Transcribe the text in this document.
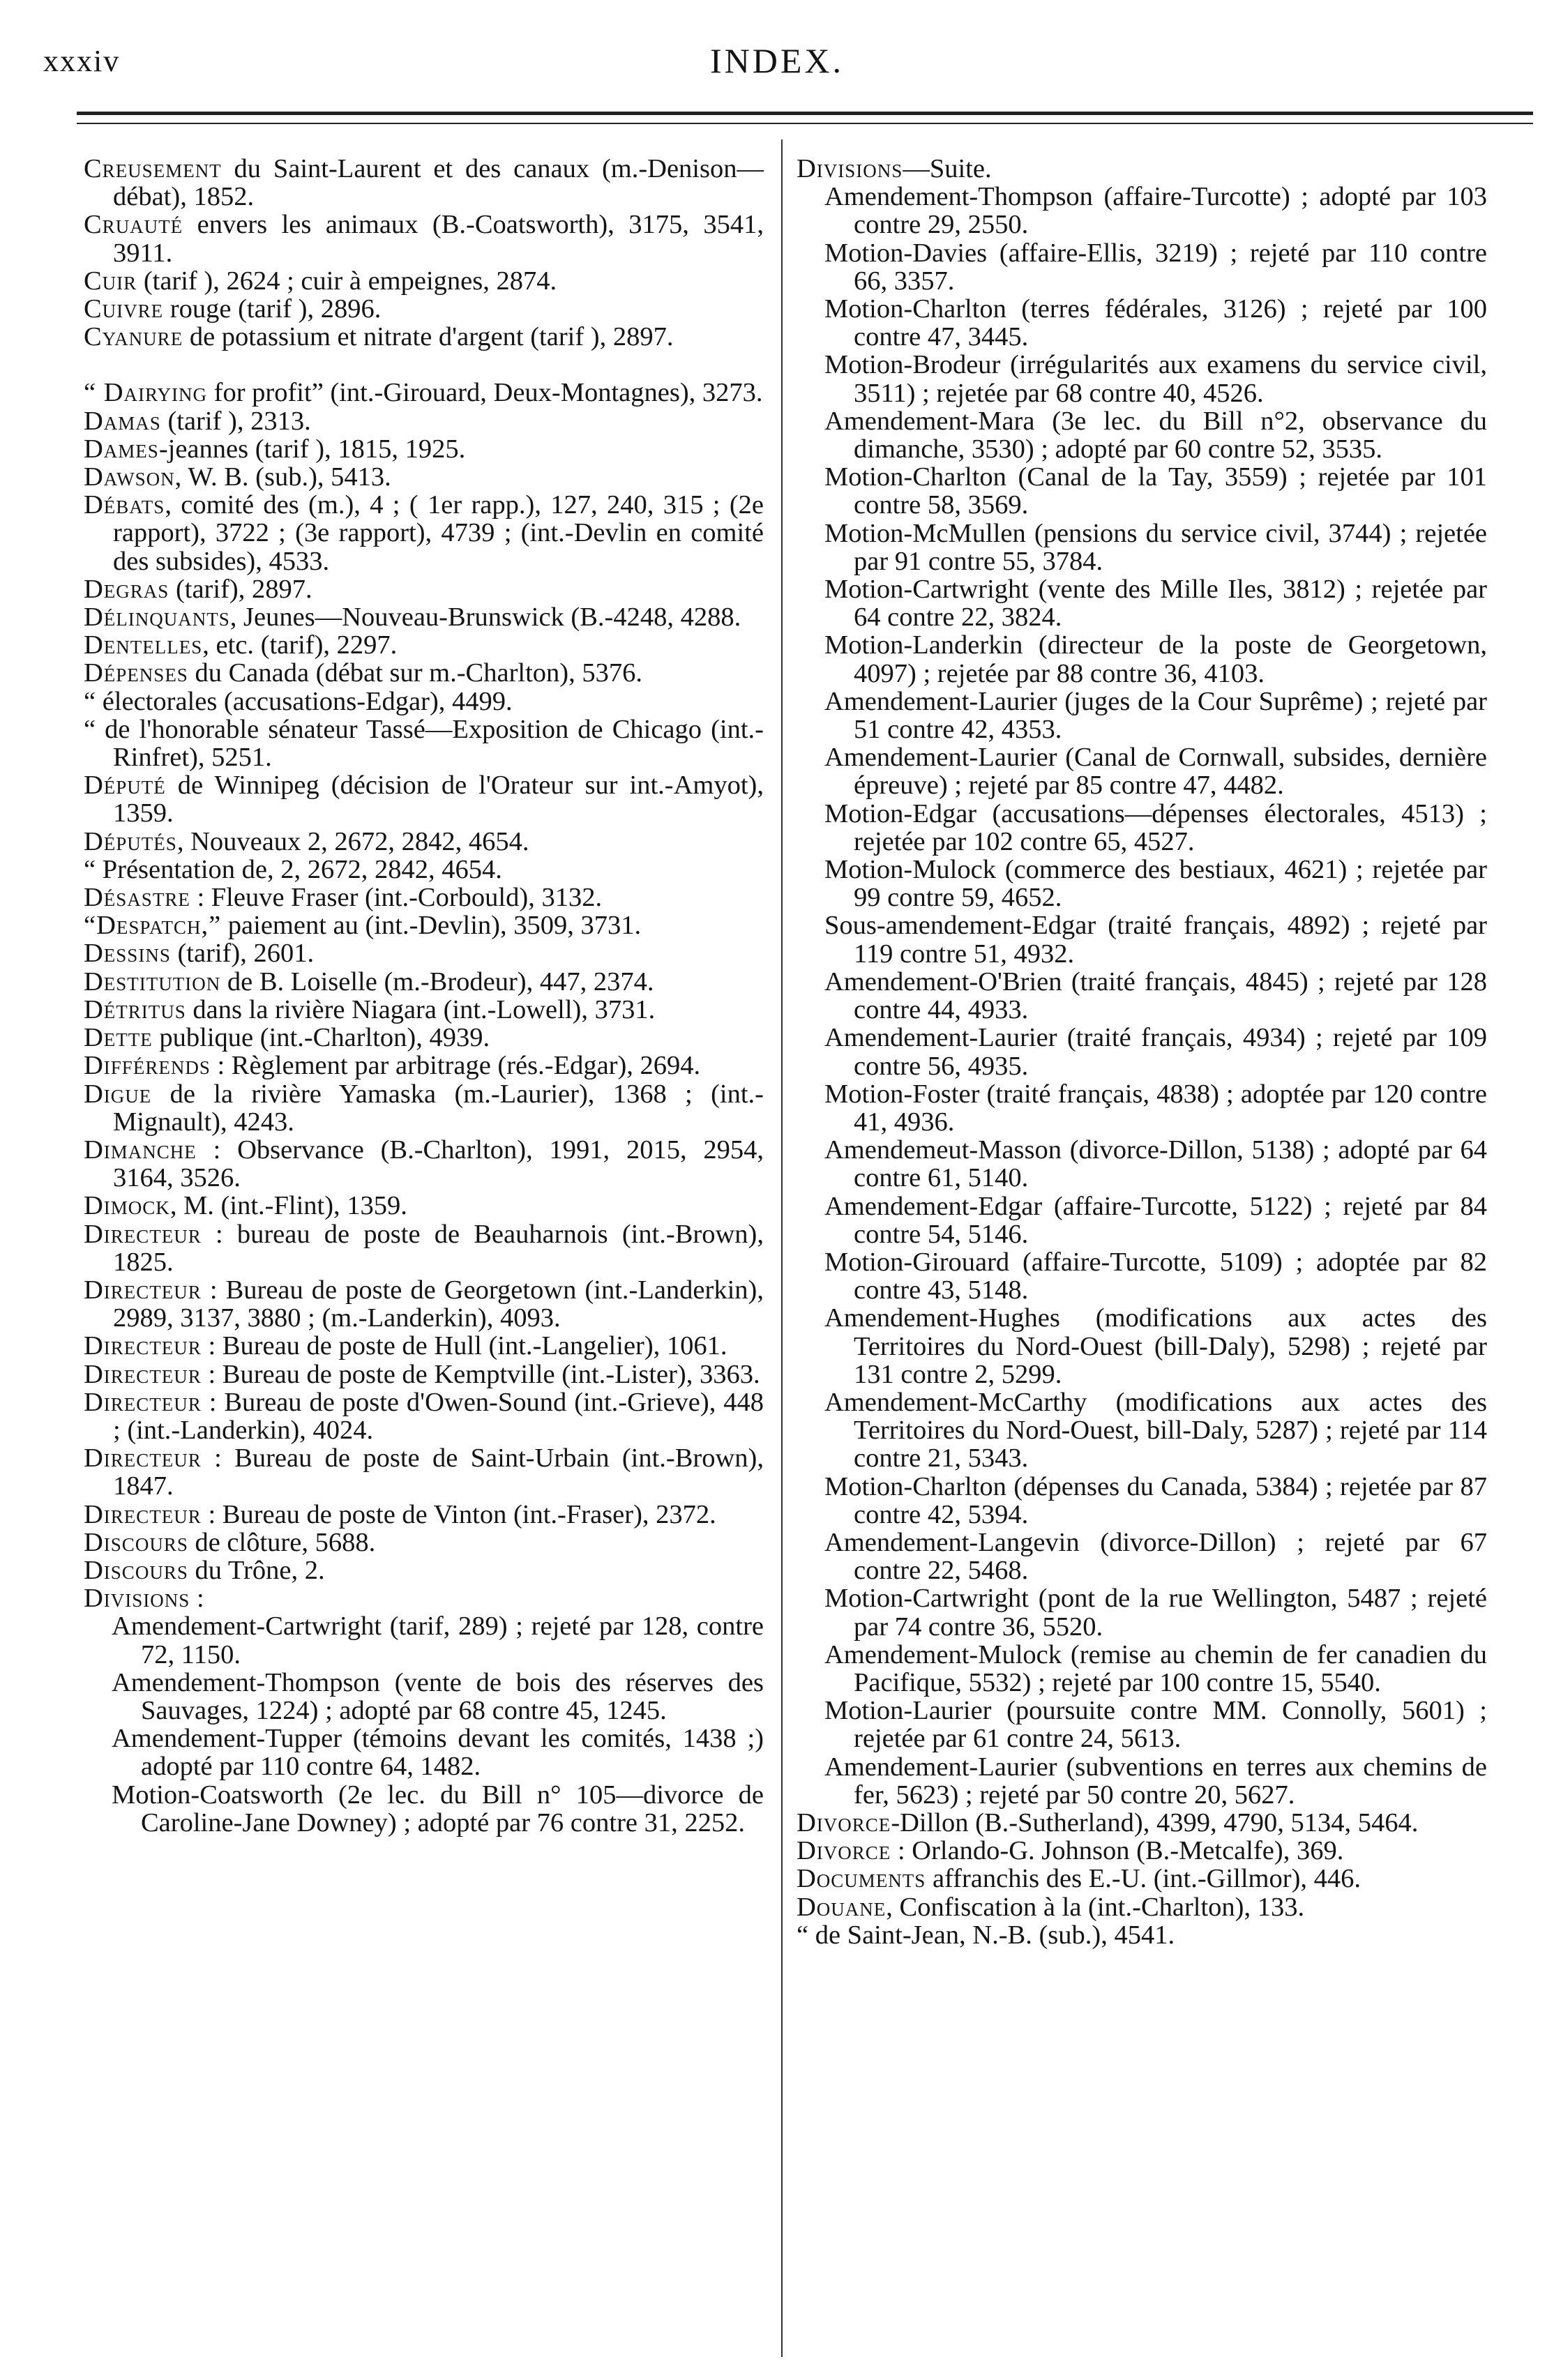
xxxiv	INDEX.

Creusement du Saint-Laurent et des canaux (m.-Denison—débat), 1852.

Cruauté envers les animaux (B.-Coatsworth), 3175, 3541, 3911.

Cuir (tarif ), 2624 ; cuir à empeignes, 2874.

Cuivre rouge (tarif ), 2896.

Cyanure de potassium et nitrate d'argent (tarif ), 2897.

“ Dairying for profit” (int.-Girouard, Deux-Montagnes), 3273.

Damas (tarif ), 2313.

Dames-jeannes (tarif ), 1815, 1925.

Dawson, W. B. (sub.), 5413.

Débats, comité des (m.), 4 ; ( 1er rapp.), 127, 240, 315 ; (2e rapport), 3722 ; (3e rapport), 4739 ; (int.-Devlin en comité des subsides), 4533.

Degras (tarif), 2897.

Délinquants, Jeunes—Nouveau-Brunswick (B.-4248, 4288.

Dentelles, etc. (tarif), 2297.

Dépenses du Canada (débat sur m.-Charlton), 5376.

“ électorales (accusations-Edgar), 4499.

“ de l'honorable sénateur Tassé—Exposition de Chicago (int.-Rinfret), 5251.

Député de Winnipeg (décision de l'Orateur sur int.-Amyot), 1359.

Députés, Nouveaux 2, 2672, 2842, 4654.

“ Présentation de, 2, 2672, 2842, 4654.

Désastre : Fleuve Fraser (int.-Corbould), 3132.

“Despatch,” paiement au (int.-Devlin), 3509, 3731.

Dessins (tarif), 2601.

Destitution de B. Loiselle (m.-Brodeur), 447, 2374.

Détritus dans la rivière Niagara (int.-Lowell), 3731.

Dette publique (int.-Charlton), 4939.

Différends : Règlement par arbitrage (rés.-Edgar), 2694.

Digue de la rivière Yamaska (m.-Laurier), 1368 ; (int.-Mignault), 4243.

Dimanche : Observance (B.-Charlton), 1991, 2015, 2954, 3164, 3526.

Dimock, M. (int.-Flint), 1359.

Directeur : bureau de poste de Beauharnois (int.-Brown), 1825.

Directeur : Bureau de poste de Georgetown (int.-Landerkin), 2989, 3137, 3880 ; (m.-Landerkin), 4093.

Directeur : Bureau de poste de Hull (int.-Langelier), 1061.

Directeur : Bureau de poste de Kemptville (int.-Lister), 3363.

Directeur : Bureau de poste d'Owen-Sound (int.-Grieve), 448 ; (int.-Landerkin), 4024.

Directeur : Bureau de poste de Saint-Urbain (int.-Brown), 1847.

Directeur : Bureau de poste de Vinton (int.-Fraser), 2372.

Discours de clôture, 5688.

Discours du Trône, 2.

Divisions :

Amendement-Cartwright (tarif, 289) ; rejeté par 128, contre 72, 1150.

Amendement-Thompson (vente de bois des réserves des Sauvages, 1224) ; adopté par 68 contre 45, 1245.

Amendement-Tupper (témoins devant les comités, 1438 ;) adopté par 110 contre 64, 1482.

Motion-Coatsworth (2e lec. du Bill n° 105—divorce de Caroline-Jane Downey) ; adopté par 76 contre 31, 2252.

Divisions—Suite.

Amendement-Thompson (affaire-Turcotte) ; adopté par 103 contre 29, 2550.

Motion-Davies (affaire-Ellis, 3219) ; rejeté par 110 contre 66, 3357.

Motion-Charlton (terres fédérales, 3126) ; rejeté par 100 contre 47, 3445.

Motion-Brodeur (irrégularités aux examens du service civil, 3511) ; rejetée par 68 contre 40, 4526.

Amendement-Mara (3e lec. du Bill n°2, observance du dimanche, 3530) ; adopté par 60 contre 52, 3535.

Motion-Charlton (Canal de la Tay, 3559) ; rejetée par 101 contre 58, 3569.

Motion-McMullen (pensions du service civil, 3744) ; rejetée par 91 contre 55, 3784.

Motion-Cartwright (vente des Mille Iles, 3812) ; rejetée par 64 contre 22, 3824.

Motion-Landerkin (directeur de la poste de Georgetown, 4097) ; rejetée par 88 contre 36, 4103.

Amendement-Laurier (juges de la Cour Suprême) ; rejeté par 51 contre 42, 4353.

Amendement-Laurier (Canal de Cornwall, subsides, dernière épreuve) ; rejeté par 85 contre 47, 4482.

Motion-Edgar (accusations—dépenses électorales, 4513) ; rejetée par 102 contre 65, 4527.

Motion-Mulock (commerce des bestiaux, 4621) ; rejetée par 99 contre 59, 4652.

Sous-amendement-Edgar (traité français, 4892) ; rejeté par 119 contre 51, 4932.

Amendement-O'Brien (traité français, 4845) ; rejeté par 128 contre 44, 4933.

Amendement-Laurier (traité français, 4934) ; rejeté par 109 contre 56, 4935.

Motion-Foster (traité français, 4838) ; adoptée par 120 contre 41, 4936.

Amendemeut-Masson (divorce-Dillon, 5138) ; adopté par 64 contre 61, 5140.

Amendement-Edgar (affaire-Turcotte, 5122) ; rejeté par 84 contre 54, 5146.

Motion-Girouard (affaire-Turcotte, 5109) ; adoptée par 82 contre 43, 5148.

Amendement-Hughes (modifications aux actes des Territoires du Nord-Ouest (bill-Daly), 5298) ; rejeté par 131 contre 2, 5299.

Amendement-McCarthy (modifications aux actes des Territoires du Nord-Ouest, bill-Daly, 5287) ; rejeté par 114 contre 21, 5343.

Motion-Charlton (dépenses du Canada, 5384) ; rejetée par 87 contre 42, 5394.

Amendement-Langevin (divorce-Dillon) ; rejeté par 67 contre 22, 5468.

Motion-Cartwright (pont de la rue Wellington, 5487 ; rejeté par 74 contre 36, 5520.

Amendement-Mulock (remise au chemin de fer canadien du Pacifique, 5532) ; rejeté par 100 contre 15, 5540.

Motion-Laurier (poursuite contre MM. Connolly, 5601) ; rejetée par 61 contre 24, 5613.

Amendement-Laurier (subventions en terres aux chemins de fer, 5623) ; rejeté par 50 contre 20, 5627.

Divorce-Dillon (B.-Sutherland), 4399, 4790, 5134, 5464.

Divorce : Orlando-G. Johnson (B.-Metcalfe), 369.

Documents affranchis des E.-U. (int.-Gillmor), 446.

Douane, Confiscation à la (int.-Charlton), 133.

“ de Saint-Jean, N.-B. (sub.), 4541.
